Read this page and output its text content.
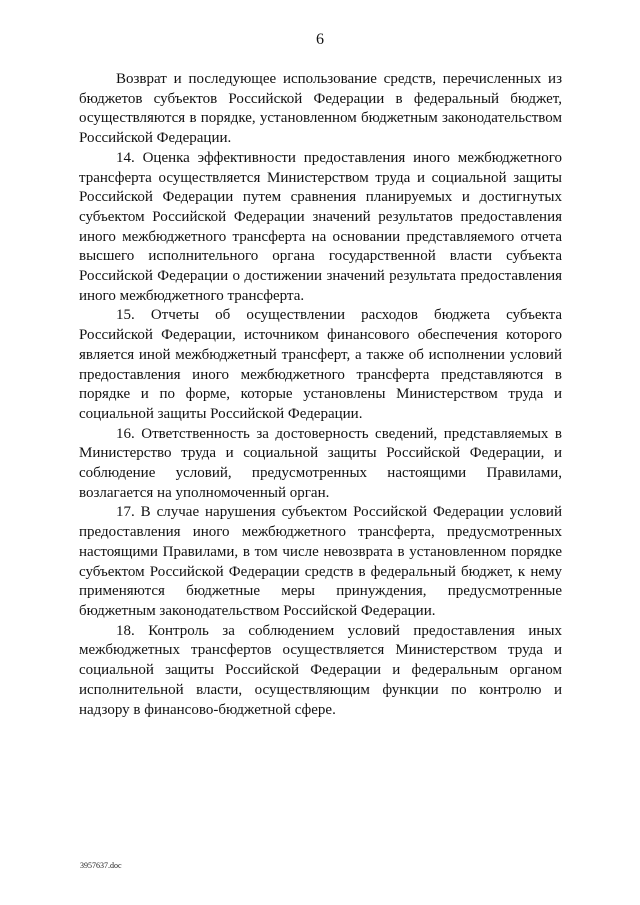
6

Возврат и последующее использование средств, перечисленных из бюджетов субъектов Российской Федерации в федеральный бюджет, осуществляются в порядке, установленном бюджетным законодательством Российской Федерации.

14. Оценка эффективности предоставления иного межбюджетного трансферта осуществляется Министерством труда и социальной защиты Российской Федерации путем сравнения планируемых и достигнутых субъектом Российской Федерации значений результатов предоставления иного межбюджетного трансферта на основании представляемого отчета высшего исполнительного органа государственной власти субъекта Российской Федерации о достижении значений результата предоставления иного межбюджетного трансферта.

15. Отчеты об осуществлении расходов бюджета субъекта Российской Федерации, источником финансового обеспечения которого является иной межбюджетный трансферт, а также об исполнении условий предоставления иного межбюджетного трансферта представляются в порядке и по форме, которые установлены Министерством труда и социальной защиты Российской Федерации.

16. Ответственность за достоверность сведений, представляемых в Министерство труда и социальной защиты Российской Федерации, и соблюдение условий, предусмотренных настоящими Правилами, возлагается на уполномоченный орган.

17. В случае нарушения субъектом Российской Федерации условий предоставления иного межбюджетного трансферта, предусмотренных настоящими Правилами, в том числе невозврата в установленном порядке субъектом Российской Федерации средств в федеральный бюджет, к нему применяются бюджетные меры принуждения, предусмотренные бюджетным законодательством Российской Федерации.

18. Контроль за соблюдением условий предоставления иных межбюджетных трансфертов осуществляется Министерством труда и социальной защиты Российской Федерации и федеральным органом исполнительной власти, осуществляющим функции по контролю и надзору в финансово-бюджетной сфере.

3957637.doc
